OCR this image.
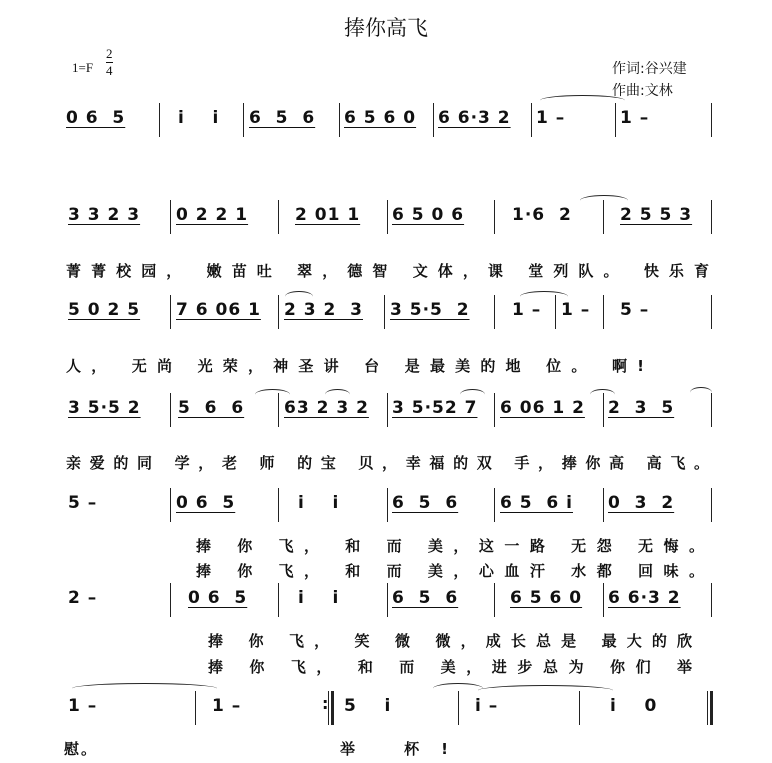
捧你高飞
1=F
2
4	作词:谷兴建
作曲:文林
0 6  5	i    i 6  5  6 6 5 6 0 6 6·3 2 1 –	1 –
3 3 2 3 0 2 2 1	2 01 1 6 5 0 6	1·6  2	2 5 5 3
菁菁校园， 嫩苗吐 翠，德智 文体，课 堂列队。 快乐育
5 0 2 5 7 6 06 1 2 3 2  3 3 5·5  2 1 – 1 – 5 –
人， 无尚 光荣，神圣讲 台 是最美的地 位。 啊!
3 5·5 2 5  6  6 63 2 3 2 3 5·52 7 6 06 1 2 2  3  5
亲爱的同 学，老 师 的宝 贝，幸福的双 手，捧你高 高飞。
5 –	0 6  5	i    i	6  5  6 6 5  6 i 0  3  2
捧 你 飞， 和 而 美，这一路 无怨 无悔。
捧 你 飞， 和 而 美，心血汗 水都 回味。
2 –	0 6  5	i    i	6  5  6	6 5 6 0 6 6·3 2
捧 你 飞， 笑 微 微，成长总是 最大的欣
捧 你 飞， 和 而 美，进步总为 你们 举
1 –	1 –	: 5    i	i –	i    0
慰。	举 杯!
